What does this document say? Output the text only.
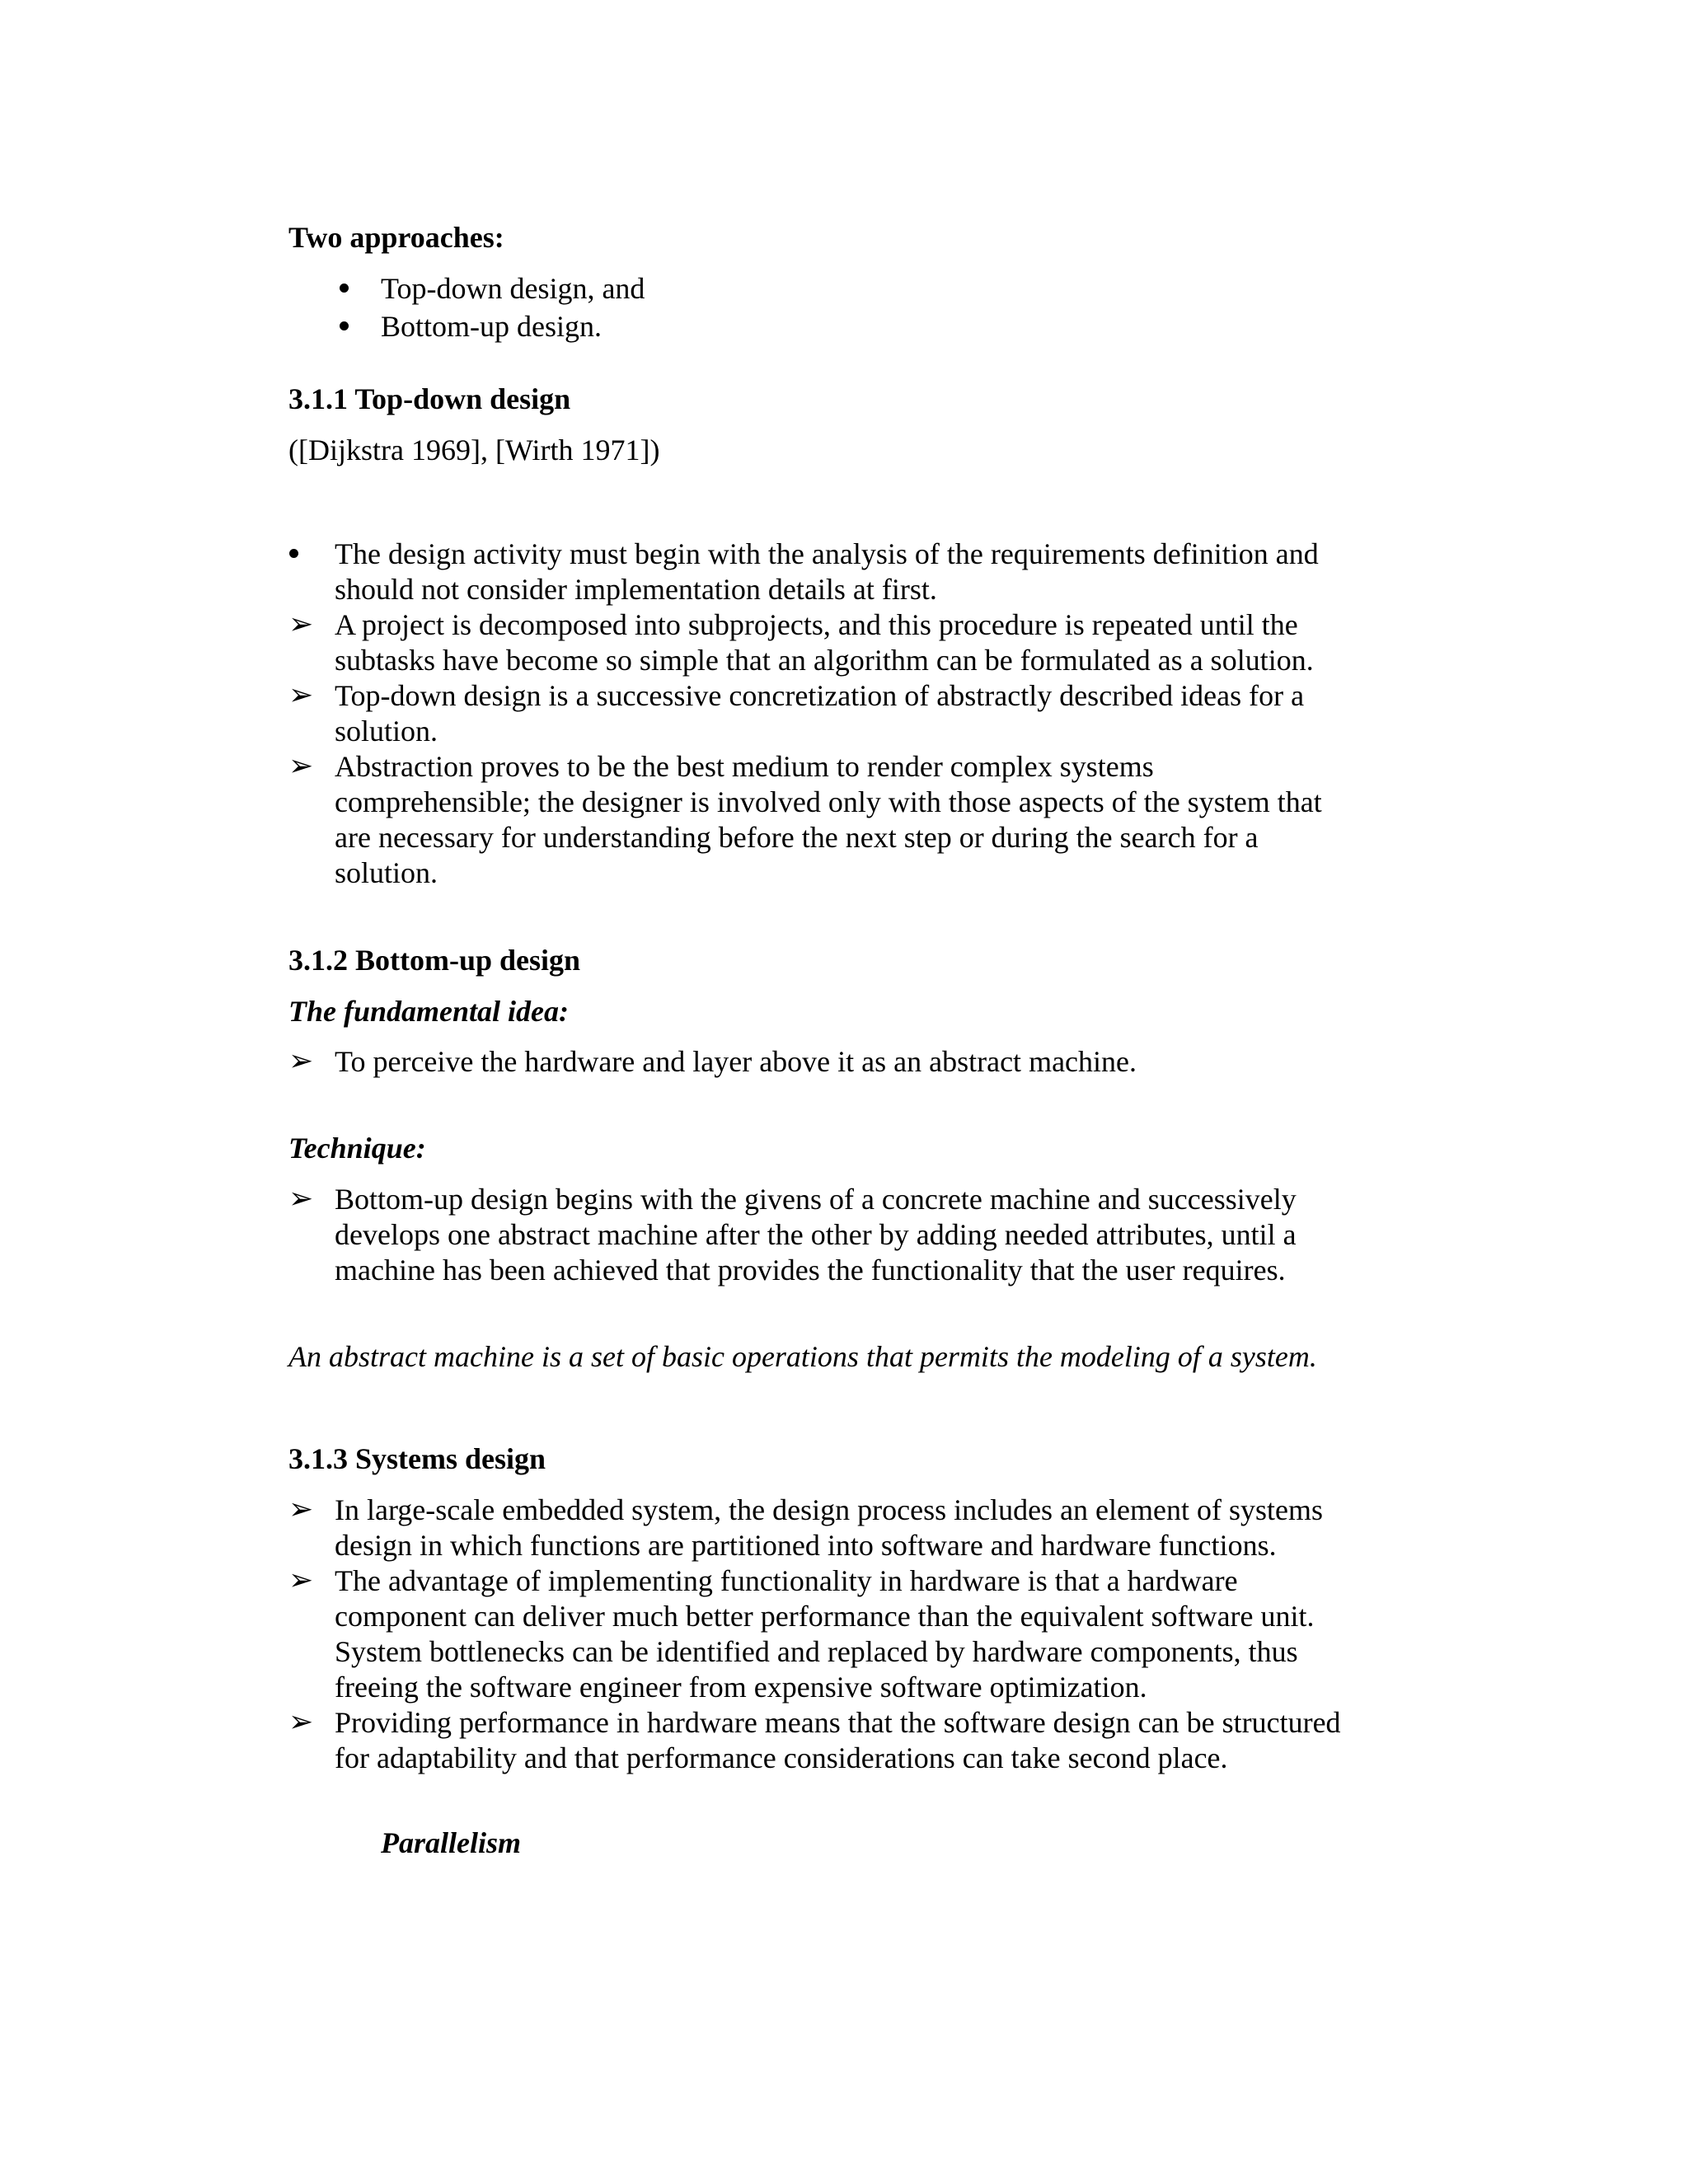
Two approaches:
Top-down design, and
Bottom-up design.
3.1.1 Top-down design
([Dijkstra 1969], [Wirth 1971])
The design activity must begin with the analysis of the requirements definition and
should not consider implementation details at first.
➢ A project is decomposed into subprojects, and this procedure is repeated until the
subtasks have become so simple that an algorithm can be formulated as a solution.
➢ Top-down design is a successive concretization of abstractly described ideas for a
solution.
➢ Abstraction proves to be the best medium to render complex systems
comprehensible; the designer is involved only with those aspects of the system that
are necessary for understanding before the next step or during the search for a
solution.
3.1.2 Bottom-up design
The fundamental idea:
➢ To perceive the hardware and layer above it as an abstract machine.
Technique:
➢ Bottom-up design begins with the givens of a concrete machine and successively
develops one abstract machine after the other by adding needed attributes, until a
machine has been achieved that provides the functionality that the user requires.
An abstract machine is a set of basic operations that permits the modeling of a system.
3.1.3 Systems design
➢ In large-scale embedded system, the design process includes an element of systems
design in which functions are partitioned into software and hardware functions.
➢ The advantage of implementing functionality in hardware is that a hardware
component can deliver much better performance than the equivalent software unit.
System bottlenecks can be identified and replaced by hardware components, thus
freeing the software engineer from expensive software optimization.
➢ Providing performance in hardware means that the software design can be structured
for adaptability and that performance considerations can take second place.
Parallelism
